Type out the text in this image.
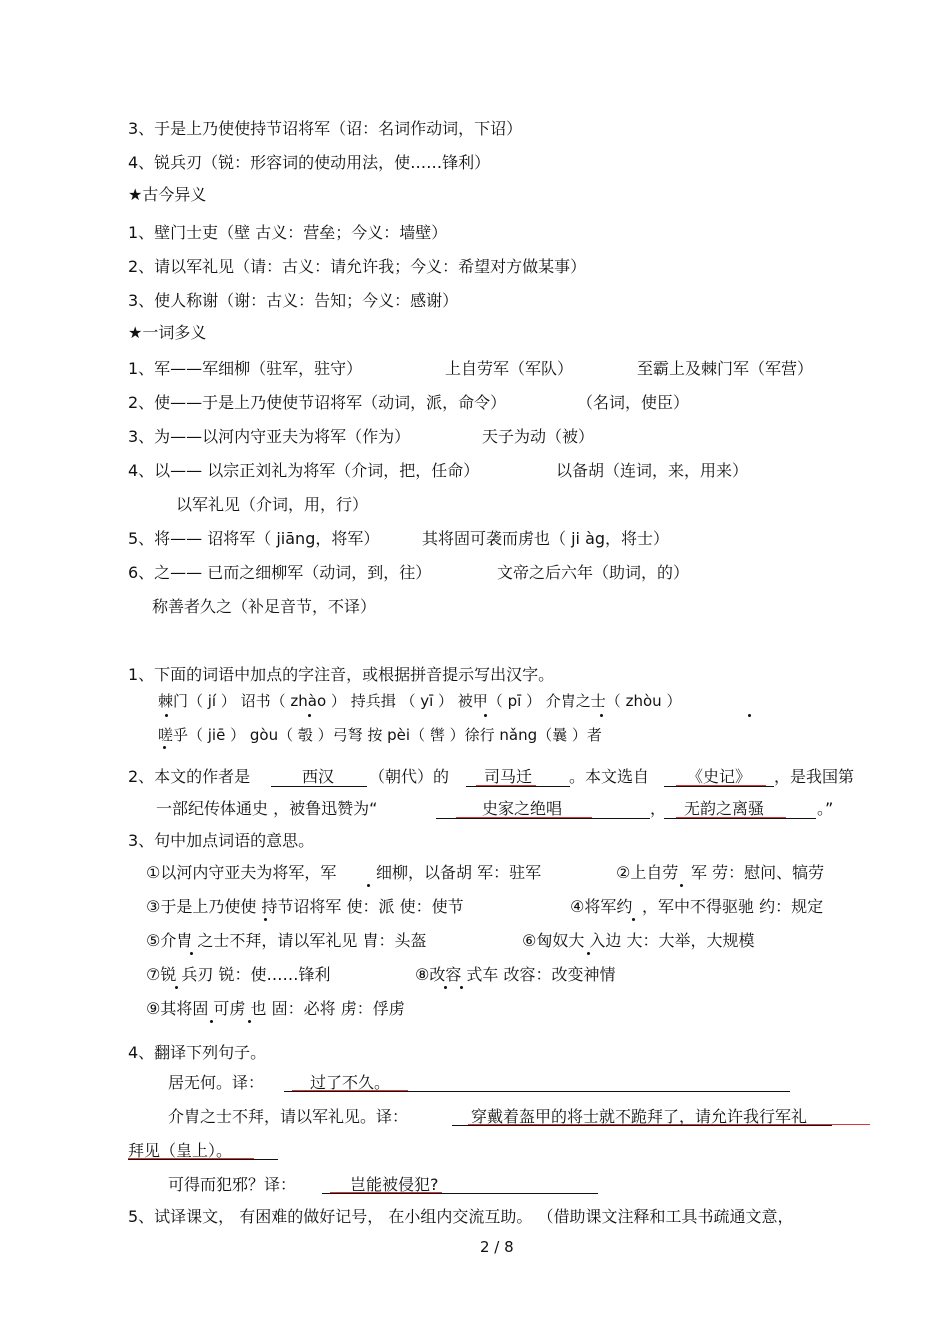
3、于是上乃使使持节诏将军（诏：名词作动词，下诏）
4、锐兵刃（锐：形容词的使动用法，使……锋利）
★古今异义
1、壁门士吏（壁 古义：营垒；今义：墙壁）
2、请以军礼见（请：古义：请允许我；今义：希望对方做某事）
3、使人称谢（谢：古义：告知；今义：感谢）
★一词多义
1、军——军细柳（驻军，驻守）	上自劳军（军队）	至霸上及棘门军（军营）
2、使——于是上乃使使节诏将军（动词，派，命令）	（名词，使臣）
3、为——以河内守亚夫为将军（作为）	天子为动（被）
4、以—— 以宗正刘礼为将军（介词，把，任命）	以备胡（连词，来，用来）
以军礼见（介词，用，行）
5、将—— 诏将军（ jiāng，将军）	其将固可袭而虏也（ ji àg，将士）
6、之—— 已而之细柳军（动词，到，往）	文帝之后六年（助词，的）
称善者久之（补足音节，不译）
1、下面的词语中加点的字注音，或根据拼音提示写出汉字。
棘门（ jí ） 诏书（ zhào ） 持兵揖 （ yī ） 被甲（ pī ） 介胄之士（ zhòu ）
嗟乎（ jiē ） gòu（ 彀 ）弓弩 按 pèi（ 辔 ）徐行 nǎng（曩 ）者
2、本文的作者是	西汉 （朝代）的 司马迁 。本文选自 《史记》 ，是我国第
一部纪传体通史 ，被鲁迅赞为“	史家之绝唱	， 无韵之离骚	。”
3、句中加点词语的意思。
①以河内守亚夫为将军，军 细柳，以备胡 军：驻军	②上自劳 军 劳：慰问、犒劳
③于是上乃使使 持节诏将军 使：派 使：使节	④将军约 ，军中不得驱驰 约：规定
⑤介胄 之士不拜，请以军礼见 胄：头盔	⑥匈奴大 入边 大：大举，大规模
⑦锐 兵刃 锐：使……锋利	⑧改容 式车 改容：改变神情
⑨其将固 可虏 也 固：必将 虏：俘虏
4、翻译下列句子。
居无何。译：	过了不久。
介胄之士不拜，请以军礼见。译：	穿戴着盔甲的将士就不跪拜了，请允许我行军礼
拜见（皇上）。
可得而犯邪？译：	岂能被侵犯?
5、试译课文， 有困难的做好记号， 在小组内交流互助。 （借助课文注释和工具书疏通文意，
2 / 8
